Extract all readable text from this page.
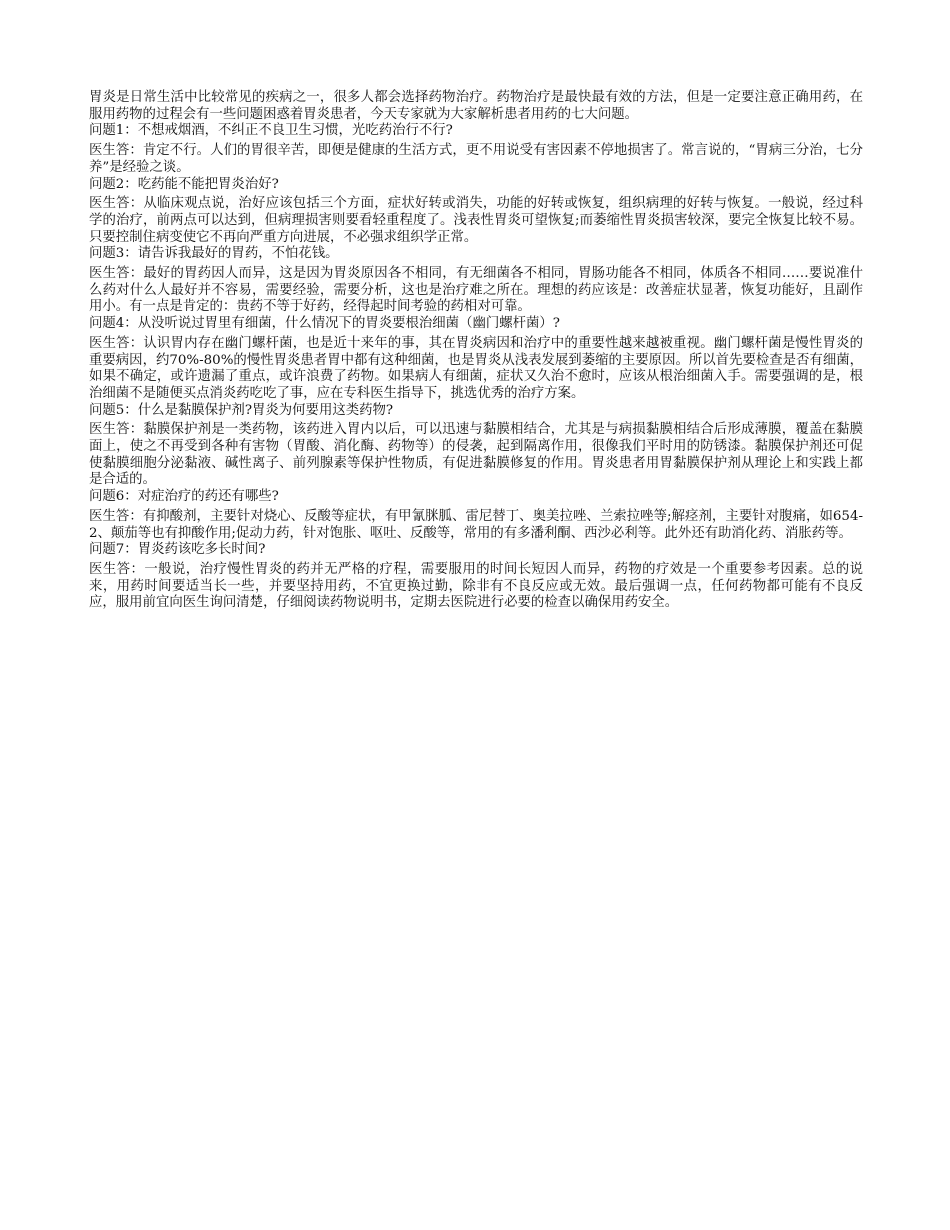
胃炎是日常生活中比较常见的疾病之一，很多人都会选择药物治疗。药物治疗是最快最有效的方法，但是一定要注意正确用药，在服用药物的过程会有一些问题困惑着胃炎患者，今天专家就为大家解析患者用药的七大问题。

问题1：不想戒烟酒，不纠正不良卫生习惯，光吃药治行不行?

医生答：肯定不行。人们的胃很辛苦，即便是健康的生活方式，更不用说受有害因素不停地损害了。常言说的，“胃病三分治，七分养”是经验之谈。

问题2：吃药能不能把胃炎治好?

医生答：从临床观点说，治好应该包括三个方面，症状好转或消失，功能的好转或恢复，组织病理的好转与恢复。一般说，经过科学的治疗，前两点可以达到，但病理损害则要看轻重程度了。浅表性胃炎可望恢复;而萎缩性胃炎损害较深，要完全恢复比较不易。只要控制住病变使它不再向严重方向进展，不必强求组织学正常。

问题3：请告诉我最好的胃药，不怕花钱。

医生答：最好的胃药因人而异，这是因为胃炎原因各不相同，有无细菌各不相同，胃肠功能各不相同，体质各不相同……要说准什么药对什么人最好并不容易，需要经验，需要分析，这也是治疗难之所在。理想的药应该是：改善症状显著，恢复功能好，且副作用小。有一点是肯定的：贵药不等于好药，经得起时间考验的药相对可靠。

问题4：从没听说过胃里有细菌，什么情况下的胃炎要根治细菌（幽门螺杆菌）?

医生答：认识胃内存在幽门螺杆菌，也是近十来年的事，其在胃炎病因和治疗中的重要性越来越被重视。幽门螺杆菌是慢性胃炎的重要病因，约70%-80%的慢性胃炎患者胃中都有这种细菌，也是胃炎从浅表发展到萎缩的主要原因。所以首先要检查是否有细菌，如果不确定，或许遗漏了重点，或许浪费了药物。如果病人有细菌，症状又久治不愈时，应该从根治细菌入手。需要强调的是，根治细菌不是随便买点消炎药吃吃了事，应在专科医生指导下，挑选优秀的治疗方案。

问题5：什么是黏膜保护剂?胃炎为何要用这类药物?

医生答：黏膜保护剂是一类药物，该药进入胃内以后，可以迅速与黏膜相结合，尤其是与病损黏膜相结合后形成薄膜，覆盖在黏膜面上，使之不再受到各种有害物（胃酸、消化酶、药物等）的侵袭，起到隔离作用，很像我们平时用的防锈漆。黏膜保护剂还可促使黏膜细胞分泌黏液、碱性离子、前列腺素等保护性物质，有促进黏膜修复的作用。胃炎患者用胃黏膜保护剂从理论上和实践上都是合适的。

问题6：对症治疗的药还有哪些?

医生答：有抑酸剂，主要针对烧心、反酸等症状，有甲氰脒胍、雷尼替丁、奥美拉唑、兰索拉唑等;解痉剂，主要针对腹痛，如654-2、颠茄等也有抑酸作用;促动力药，针对饱胀、呕吐、反酸等，常用的有多潘利酮、西沙必利等。此外还有助消化药、消胀药等。

问题7：胃炎药该吃多长时间?

医生答：一般说，治疗慢性胃炎的药并无严格的疗程，需要服用的时间长短因人而异，药物的疗效是一个重要参考因素。总的说来，用药时间要适当长一些，并要坚持用药，不宜更换过勤，除非有不良反应或无效。最后强调一点，任何药物都可能有不良反应，服用前宜向医生询问清楚，仔细阅读药物说明书，定期去医院进行必要的检查以确保用药安全。
